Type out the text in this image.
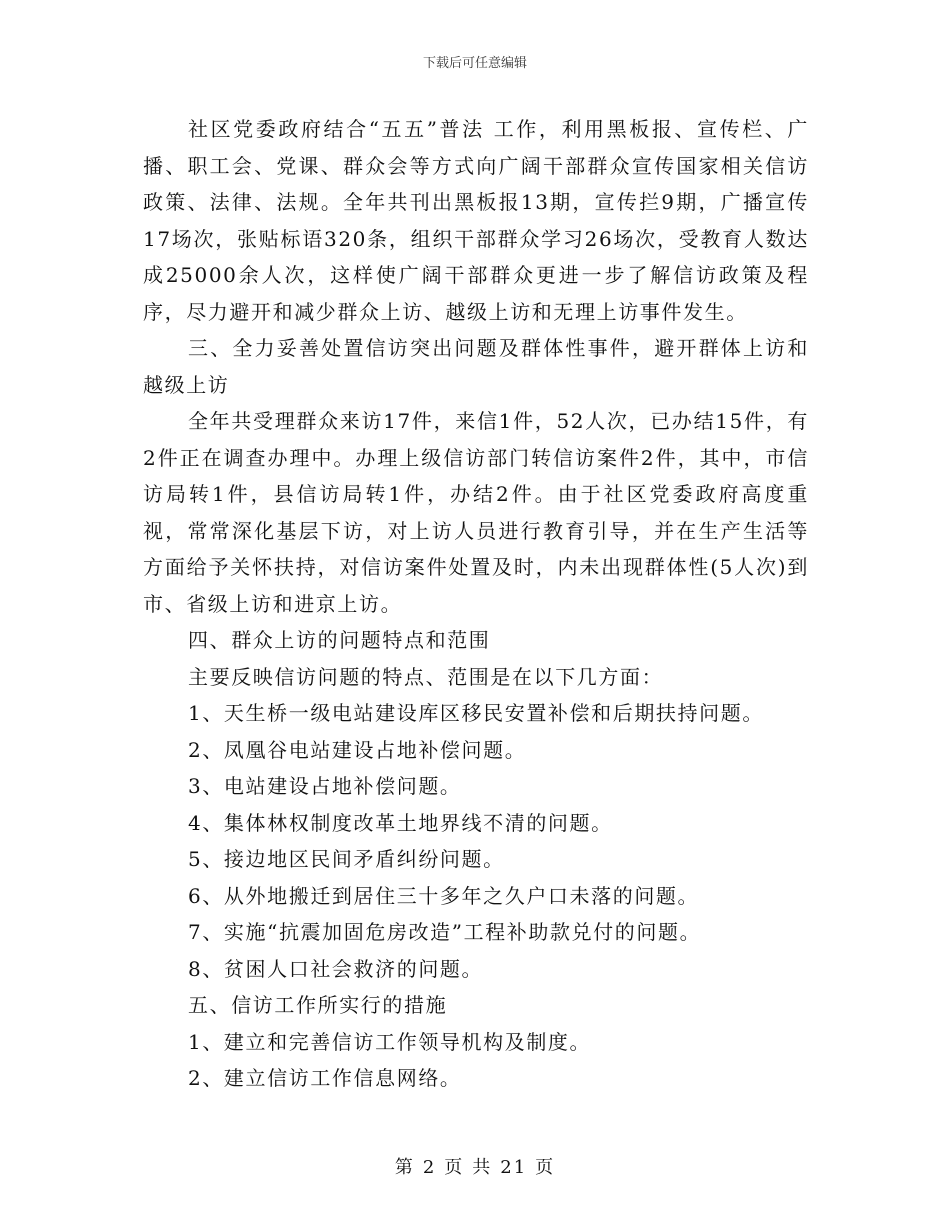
下载后可任意编辑

社区党委政府结合“五五”普法 工作，利用黑板报、宣传栏、广播、职工会、党课、群众会等方式向广阔干部群众宣传国家相关信访政策、法律、法规。全年共刊出黑板报13期，宣传拦9期，广播宣传17场次，张贴标语320条，组织干部群众学习26场次，受教育人数达成25000余人次，这样使广阔干部群众更进一步了解信访政策及程序，尽力避开和减少群众上访、越级上访和无理上访事件发生。

三、全力妥善处置信访突出问题及群体性事件，避开群体上访和越级上访

全年共受理群众来访17件，来信1件，52人次，已办结15件，有2件正在调查办理中。办理上级信访部门转信访案件2件，其中，市信访局转1件，县信访局转1件，办结2件。由于社区党委政府高度重视，常常深化基层下访，对上访人员进行教育引导，并在生产生活等方面给予关怀扶持，对信访案件处置及时，内未出现群体性(5人次)到市、省级上访和进京上访。

四、群众上访的问题特点和范围

主要反映信访问题的特点、范围是在以下几方面：

1、天生桥一级电站建设库区移民安置补偿和后期扶持问题。

2、凤凰谷电站建设占地补偿问题。

3、电站建设占地补偿问题。

4、集体林权制度改革土地界线不清的问题。

5、接边地区民间矛盾纠纷问题。

6、从外地搬迁到居住三十多年之久户口未落的问题。

7、实施“抗震加固危房改造”工程补助款兑付的问题。

8、贫困人口社会救济的问题。

五、信访工作所实行的措施

1、建立和完善信访工作领导机构及制度。

2、建立信访工作信息网络。

第 2 页 共 21 页
